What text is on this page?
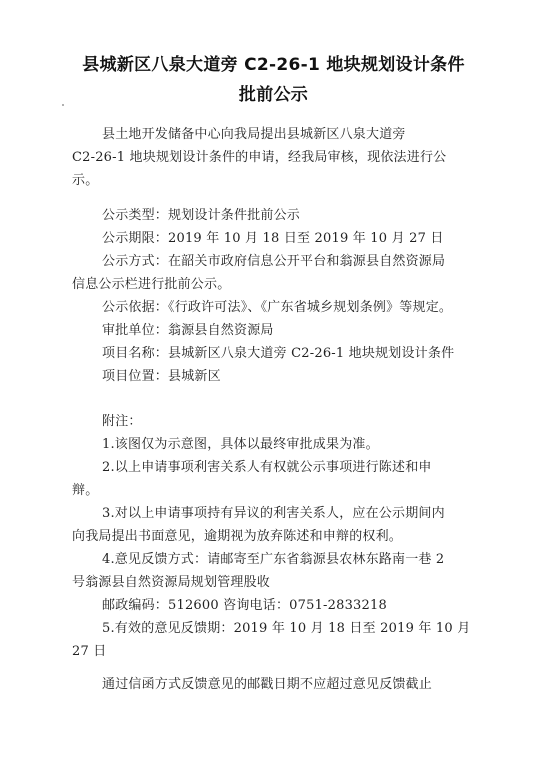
县城新区八泉大道旁 C2-26-1 地块规划设计条件
批前公示
县土地开发储备中心向我局提出县城新区八泉大道旁
C2-26-1 地块规划设计条件的申请，经我局审核，现依法进行公
示。
公示类型：规划设计条件批前公示
公示期限：2019 年 10 月 18 日至 2019 年 10 月 27 日
公示方式：在韶关市政府信息公开平台和翁源县自然资源局
信息公示栏进行批前公示。
公示依据：《行政许可法》、《广东省城乡规划条例》等规定。
审批单位：翁源县自然资源局
项目名称：县城新区八泉大道旁 C2-26-1 地块规划设计条件
项目位置：县城新区
附注：
1.该图仅为示意图，具体以最终审批成果为准。
2.以上申请事项利害关系人有权就公示事项进行陈述和申
辩。
3.对以上申请事项持有异议的利害关系人，应在公示期间内
向我局提出书面意见，逾期视为放弃陈述和申辩的权利。
4.意见反馈方式：请邮寄至广东省翁源县农林东路南一巷 2
号翁源县自然资源局规划管理股收
邮政编码：512600 咨询电话：0751-2833218
5.有效的意见反馈期：2019 年 10 月 18 日至 2019 年 10 月
27 日
通过信函方式反馈意见的邮戳日期不应超过意见反馈截止
